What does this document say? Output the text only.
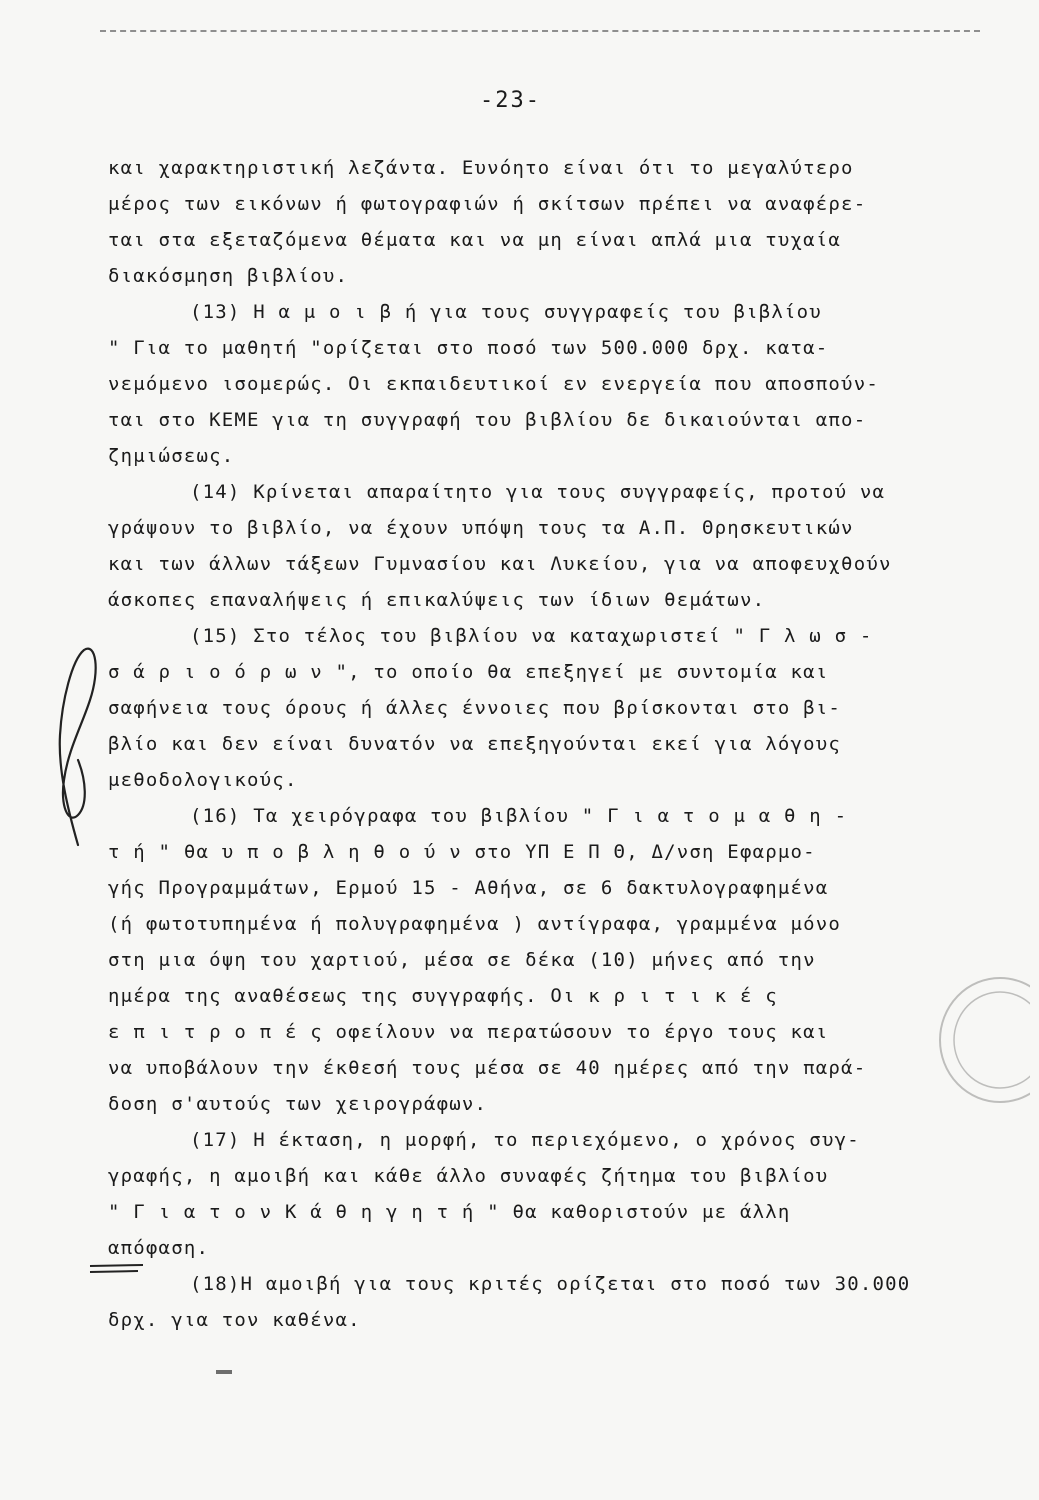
-23-
και χαρακτηριστική λεζάντα. Ευνόητο είναι ότι το μεγαλύτερο
μέρος των εικόνων ή φωτογραφιών ή σκίτσων πρέπει να αναφέρε-
ται στα εξεταζόμενα θέματα και να μη είναι απλά μια τυχαία
διακόσμηση βιβλίου.
(13) Η α μ ο ι β ή για τους συγγραφείς του βιβλίου
" Για το μαθητή "ορίζεται στο ποσό των 500.000 δρχ. κατα-
νεμόμενο ισομερώς. Οι εκπαιδευτικοί εν ενεργεία που αποσπούν-
ται στο ΚΕΜΕ για τη συγγραφή του βιβλίου δε δικαιούνται απο-
ζημιώσεως.
(14) Κρίνεται απαραίτητο για τους συγγραφείς, προτού να
γράψουν το βιβλίο, να έχουν υπόψη τους τα Α.Π. Θρησκευτικών
και των άλλων τάξεων Γυμνασίου και Λυκείου, για να αποφευχθούν
άσκοπες επαναλήψεις ή επικαλύψεις των ίδιων θεμάτων.
(15) Στο τέλος του βιβλίου να καταχωριστεί " Γ λ ω σ -
σ ά ρ ι ο ό ρ ω ν ", το οποίο θα επεξηγεί με συντομία και
σαφήνεια τους όρους ή άλλες έννοιες που βρίσκονται στο βι-
βλίο και δεν είναι δυνατόν να επεξηγούνται εκεί για λόγους
μεθοδολογικούς.
(16) Τα χειρόγραφα του βιβλίου " Γ ι α τ ο μ α θ η -
τ ή " θα υ π ο β λ η θ ο ύ ν στο ΥΠ Ε Π Θ, Δ/νση Εφαρμο-
γής Προγραμμάτων, Ερμού 15 - Αθήνα, σε 6 δακτυλογραφημένα
(ή φωτοτυπημένα ή πολυγραφημένα ) αντίγραφα, γραμμένα μόνο
στη μια όψη του χαρτιού, μέσα σε δέκα (10) μήνες από την
ημέρα της αναθέσεως της συγγραφής. Οι κ ρ ι τ ι κ έ ς
ε π ι τ ρ ο π έ ς οφείλουν να περατώσουν το έργο τους και
να υποβάλουν την έκθεσή τους μέσα σε 40 ημέρες από την παρά-
δοση σ'αυτούς των χειρογράφων.
(17) Η έκταση, η μορφή, το περιεχόμενο, ο χρόνος συγ-
γραφής, η αμοιβή και κάθε άλλο συναφές ζήτημα του βιβλίου
" Γ ι α τ ο ν Κ ά θ η γ η τ ή " θα καθοριστούν με άλλη
απόφαση.
(18)Η αμοιβή για τους κριτές ορίζεται στο ποσό των 30.000
δρχ. για τον καθένα.
